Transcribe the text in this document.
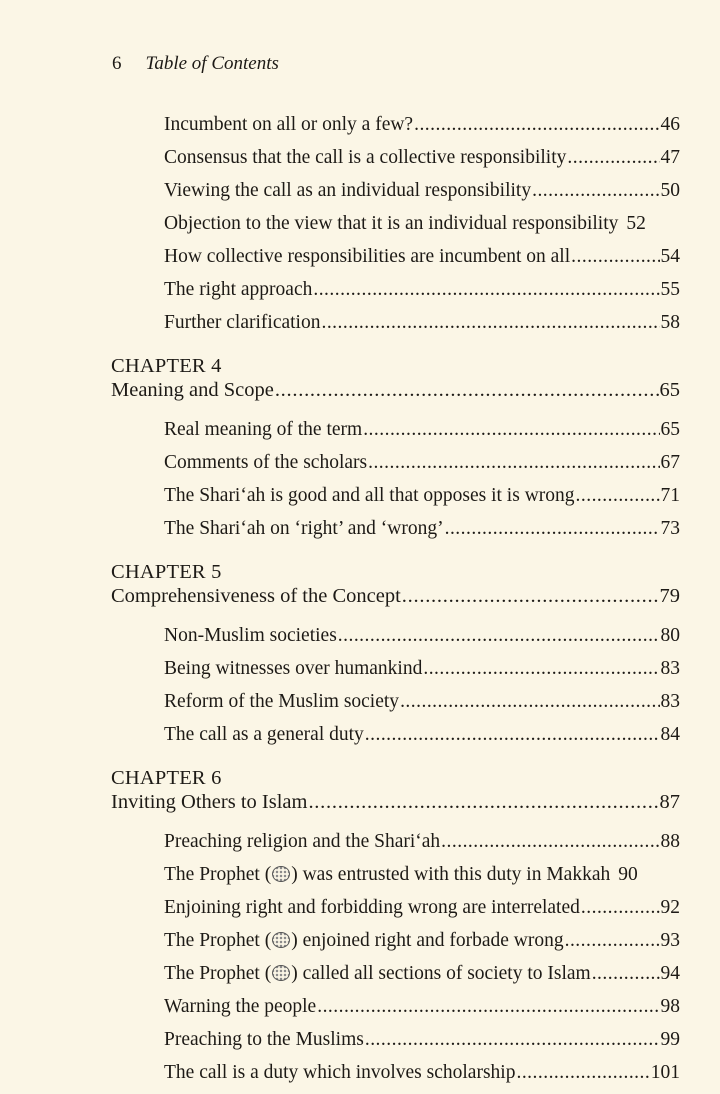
6 Table of Contents
Incumbent on all or only a few? . . .	46
Consensus that the call is a collective responsibility . . .	47
Viewing the call as an individual responsibility . . .	50
Objection to the view that it is an individual responsibility 52
How collective responsibilities are incumbent on all . . .	54
The right approach . . .	55
Further clarification . . .	58
CHAPTER 4
Meaning and Scope . . .	65
Real meaning of the term . . .	65
Comments of the scholars . . .	67
The Shari‘ah is good and all that opposes it is wrong . . .	71
The Shari‘ah on ‘right’ and ‘wrong’ . . .	73
CHAPTER 5
Comprehensiveness of the Concept . . .	79
Non-Muslim societies . . .	80
Being witnesses over humankind . . .	83
Reform of the Muslim society . . .	83
The call as a general duty . . .	84
CHAPTER 6
Inviting Others to Islam . . .	87
Preaching religion and the Shari‘ah . . .	88
The Prophet ( ) was entrusted with this duty in Makkah 90
Enjoining right and forbidding wrong are interrelated . . .	92
The Prophet ( ) enjoined right and forbade wrong . . .	93
The Prophet ( ) called all sections of society to Islam . . .	94
Warning the people . . .	98
Preaching to the Muslims . . .	99
The call is a duty which involves scholarship . . .	101
